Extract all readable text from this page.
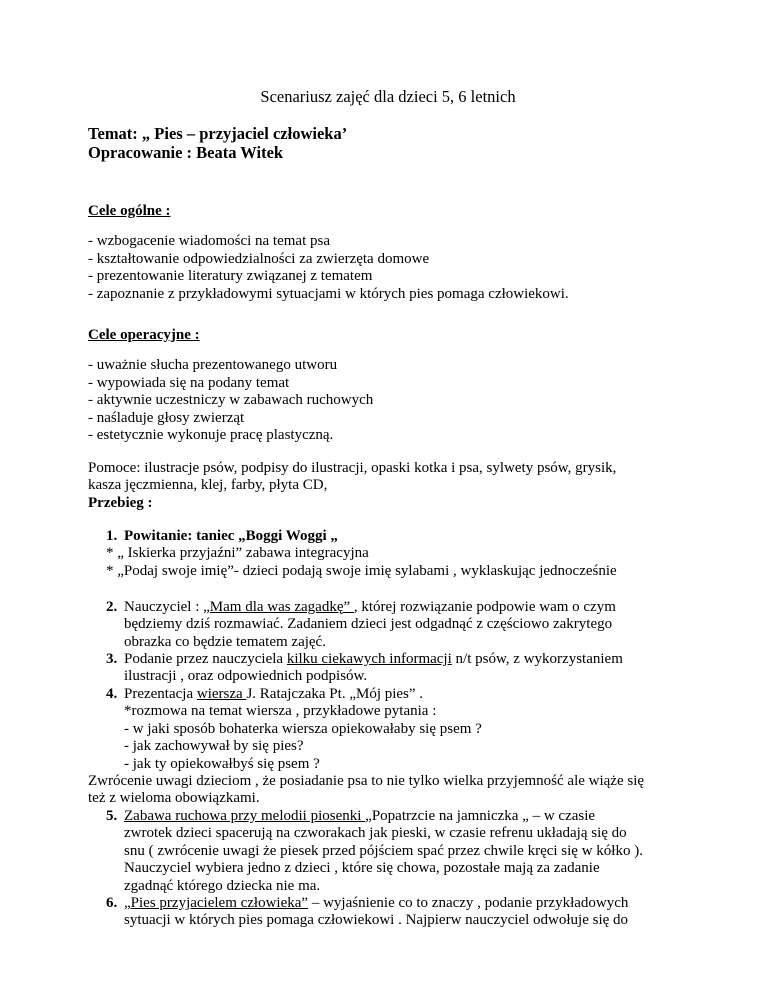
Scenariusz zajęć dla dzieci 5, 6 letnich
Temat: „ Pies – przyjaciel człowieka’
Opracowanie : Beata Witek
Cele ogólne :
- wzbogacenie wiadomości na temat psa
- kształtowanie odpowiedzialności za zwierzęta domowe
- prezentowanie literatury związanej z tematem
- zapoznanie z przykładowymi sytuacjami w których pies pomaga człowiekowi.
Cele operacyjne :
- uważnie słucha prezentowanego utworu
- wypowiada się na podany temat
- aktywnie uczestniczy w zabawach ruchowych
- naśladuje głosy zwierząt
- estetycznie wykonuje pracę plastyczną.
Pomoce: ilustracje psów, podpisy do ilustracji, opaski kotka i psa, sylwety psów, grysik,
kasza jęczmienna, klej, farby, płyta CD,
Przebieg :
1. Powitanie: taniec „Boggi Woggi „
* „ Iskierka przyjaźni” zabawa integracyjna
* „Podaj swoje imię”- dzieci podają swoje imię sylabami , wyklaskując jednocześnie
2. Nauczyciel : „Mam dla was zagadkę” , której rozwiązanie podpowie wam o czym
będziemy dziś rozmawiać. Zadaniem dzieci jest odgadnąć z częściowo zakrytego
obrazka co będzie tematem zajęć.
3. Podanie przez nauczyciela kilku ciekawych informacji n/t psów, z wykorzystaniem
ilustracji , oraz odpowiednich podpisów.
4. Prezentacja wiersza J. Ratajczaka Pt. „Mój pies” .
*rozmowa na temat wiersza , przykładowe pytania :
- w jaki sposób bohaterka wiersza opiekowałaby się psem ?
- jak zachowywał by się pies?
- jak ty opiekowałbyś się psem ?
Zwrócenie uwagi dzieciom , że posiadanie psa to nie tylko wielka przyjemność ale wiąże się
też z wieloma obowiązkami.
5. Zabawa ruchowa przy melodii piosenki „Popatrzcie na jamniczka „ – w czasie
zwrotek dzieci spacerują na czworakach jak pieski, w czasie refrenu układają się do
snu ( zwrócenie uwagi że piesek przed pójściem spać przez chwile kręci się w kółko ).
Nauczyciel wybiera jedno z dzieci , które się chowa, pozostałe mają za zadanie
zgadnąć którego dziecka nie ma.
6. „Pies przyjacielem człowieka” – wyjaśnienie co to znaczy , podanie przykładowych
sytuacji w których pies pomaga człowiekowi . Najpierw nauczyciel odwołuje się do
